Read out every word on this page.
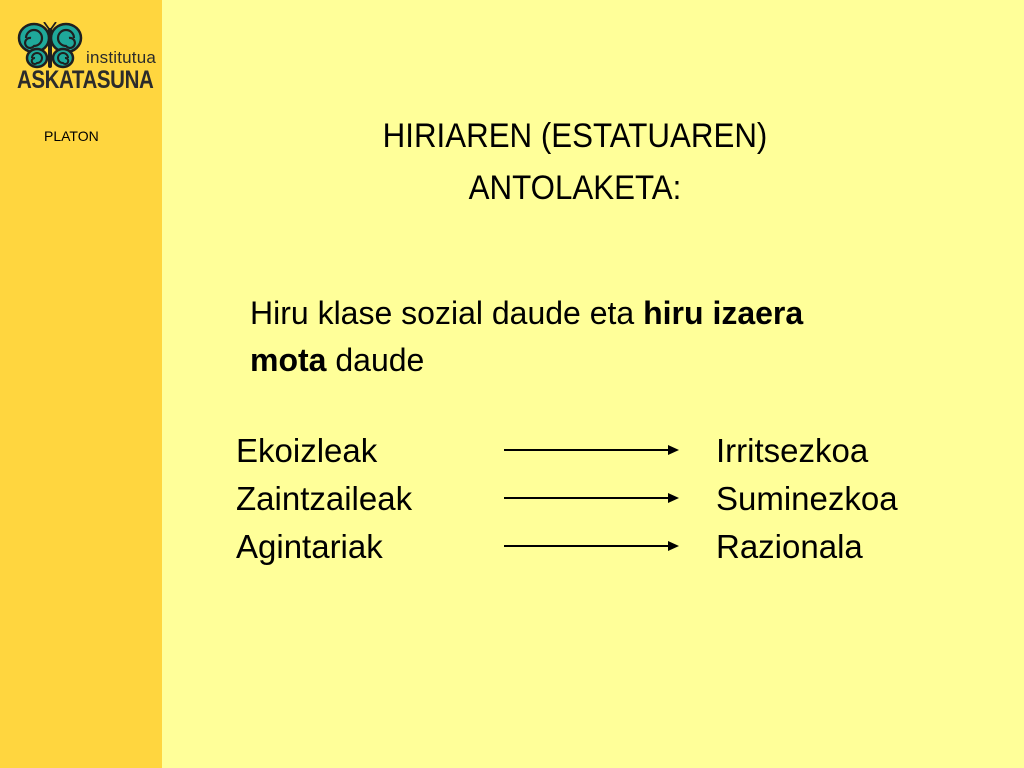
institutua
ASKATASUNA
PLATON	HIRIAREN (ESTATUAREN)
ANTOLAKETA:
Hiru klase sozial daude eta hiru izaera
mota daude
Ekoizleak	Irritsezkoa
Zaintzaileak	Suminezkoa
Agintariak	Razionala
